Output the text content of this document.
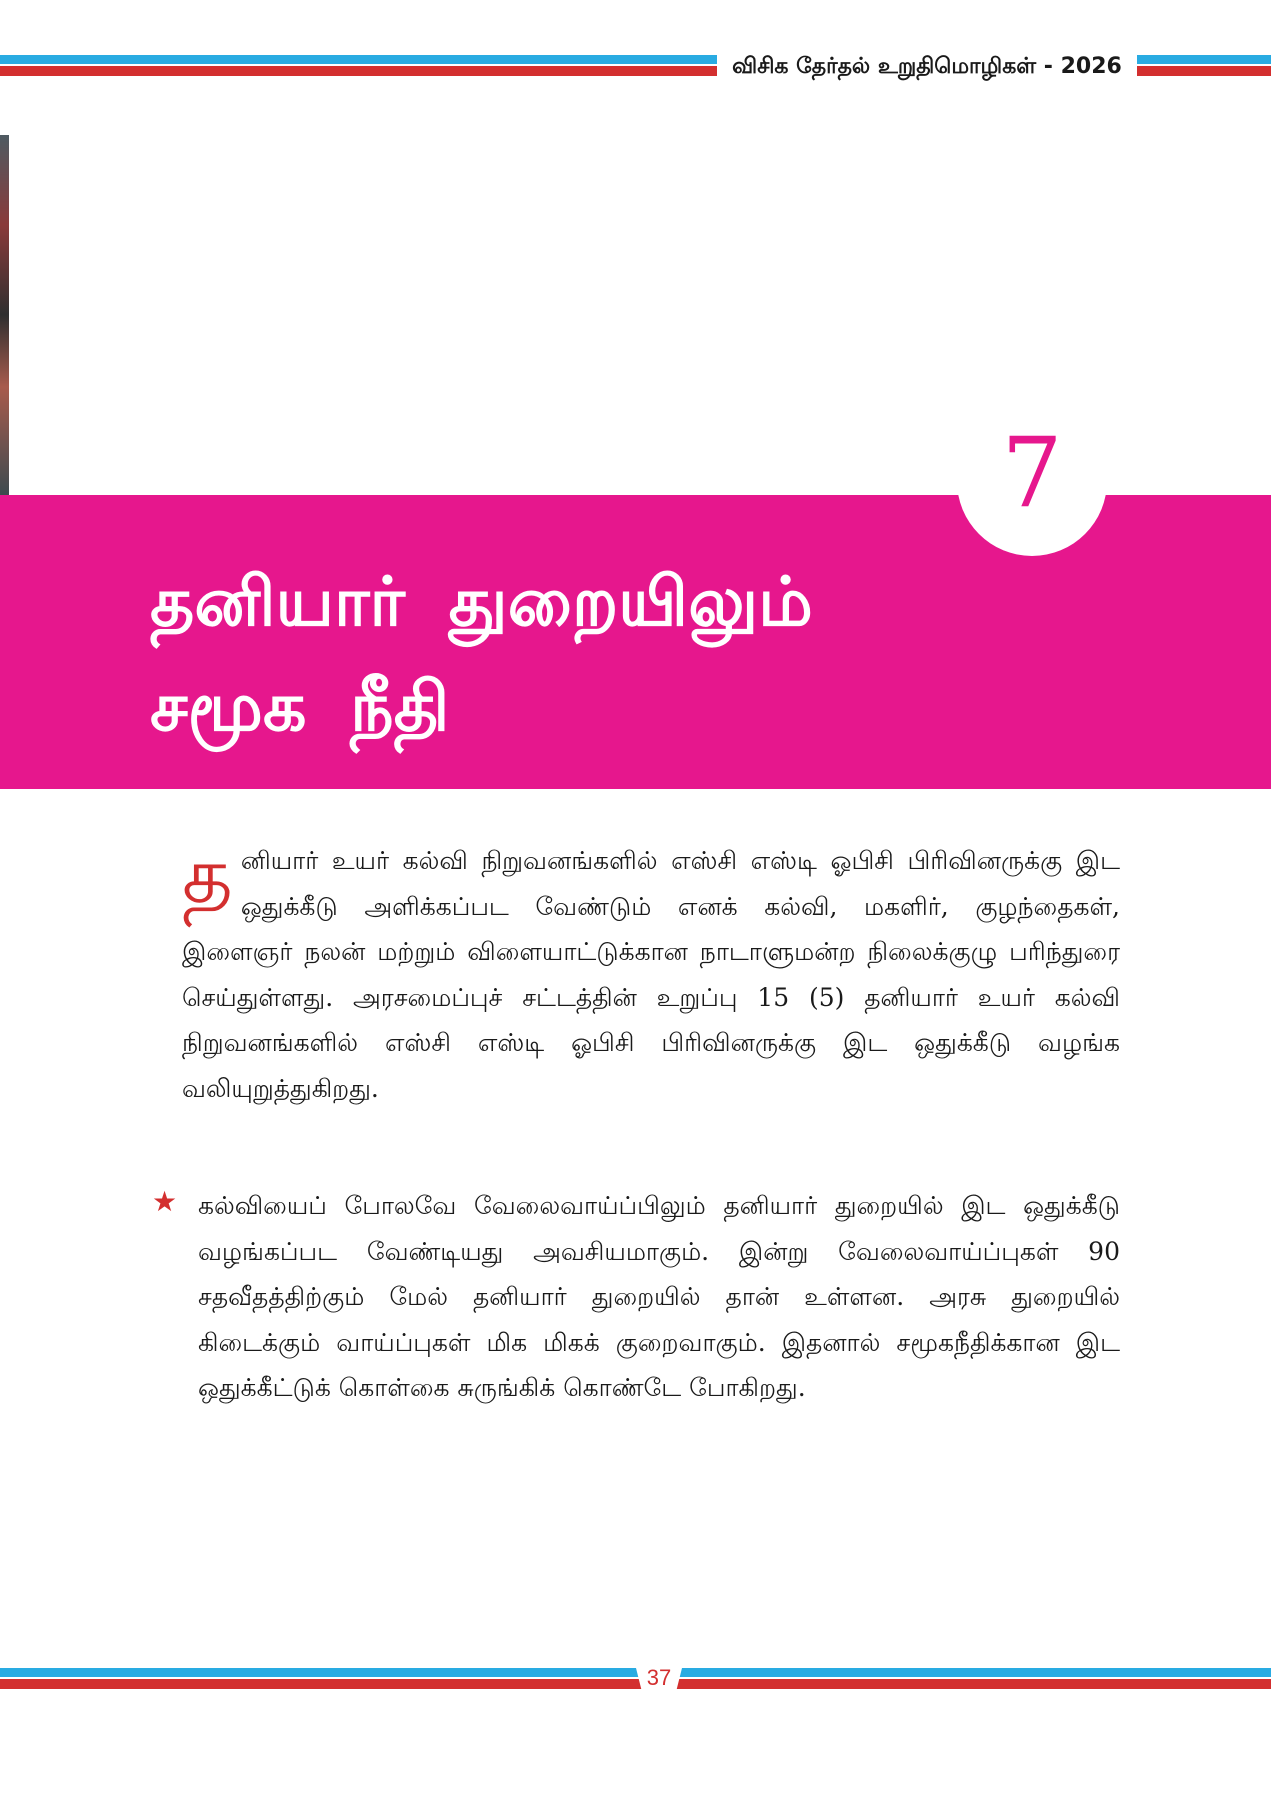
விசிக தேர்தல் உறுதிமொழிகள் - 2026
7
தனியார் துறையிலும்
சமூக நீதி
த னியார் உயர் கல்வி நிறுவனங்களில் எஸ்சி எஸ்டி ஓபிசி பிரிவினருக்கு இட ஒதுக்கீடு அளிக்கப்பட வேண்டும் எனக் கல்வி, மகளிர், குழந்தைகள், இளைஞர் நலன் மற்றும் விளையாட்டுக்கான நாடாளுமன்ற நிலைக்குழு பரிந்துரை செய்துள்ளது. அரசமைப்புச் சட்டத்தின் உறுப்பு 15 (5) தனியார் உயர் கல்வி நிறுவனங்களில் எஸ்சி எஸ்டி ஓபிசி பிரிவினருக்கு இட ஒதுக்கீடு வழங்க வலியுறுத்துகிறது.
★ கல்வியைப் போலவே வேலைவாய்ப்பிலும் தனியார் துறையில் இட ஒதுக்கீடு வழங்கப்பட வேண்டியது அவசியமாகும். இன்று வேலைவாய்ப்புகள் 90 சதவீதத்திற்கும் மேல் தனியார் துறையில் தான் உள்ளன. அரசு துறையில் கிடைக்கும் வாய்ப்புகள் மிக மிகக் குறைவாகும். இதனால் சமூகநீதிக்கான இட ஒதுக்கீட்டுக் கொள்கை சுருங்கிக் கொண்டே போகிறது.
37
